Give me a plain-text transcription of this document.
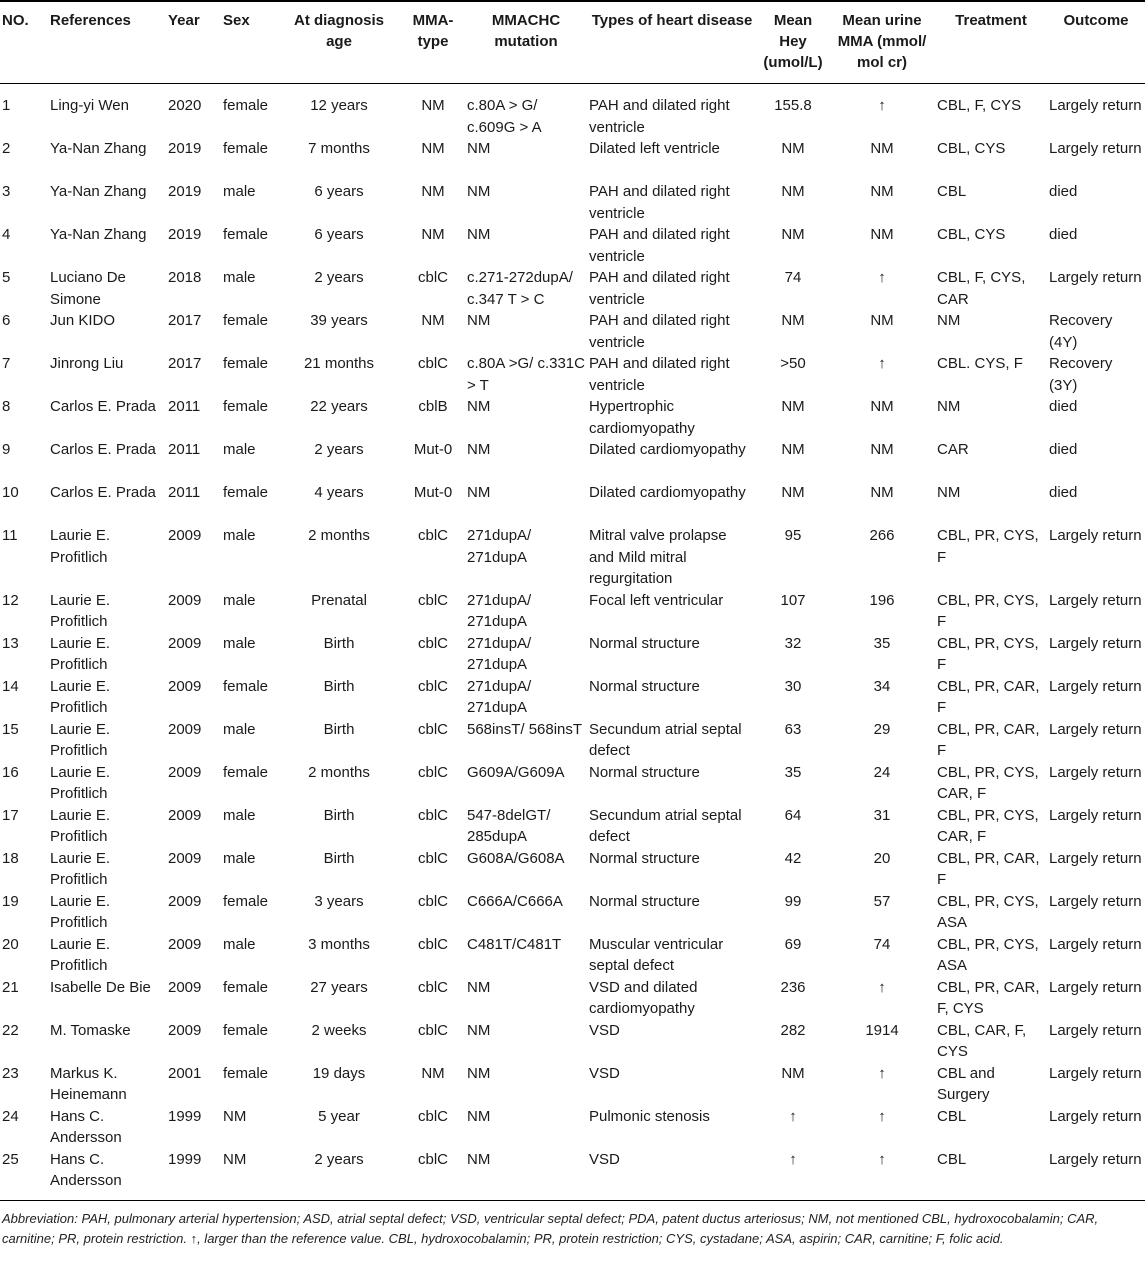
NO.	References	Year	Sex	At diagnosis age	MMA-type	MMACHC mutation	Types of heart disease	Mean Hey (umol/L)	Mean urine MMA (mmol/ mol cr)	Treatment	Outcome
1	Ling-yi Wen	2020	female	12 years	NM	c.80A > G/ c.609G > A	PAH and dilated right ventricle	155.8	↑	CBL, F, CYS	Largely return
2	Ya-Nan Zhang	2019	female	7 months	NM	NM	Dilated left ventricle	NM	NM	CBL, CYS	Largely return
3	Ya-Nan Zhang	2019	male	6 years	NM	NM	PAH and dilated right ventricle	NM	NM	CBL	died
4	Ya-Nan Zhang	2019	female	6 years	NM	NM	PAH and dilated right ventricle	NM	NM	CBL, CYS	died
5	Luciano De Simone	2018	male	2 years	cblC	c.271-272dupA/ c.347 T > C	PAH and dilated right ventricle	74	↑	CBL, F, CYS, CAR	Largely return
6	Jun KIDO	2017	female	39 years	NM	NM	PAH and dilated right ventricle	NM	NM	NM	Recovery (4Y)
7	Jinrong Liu	2017	female	21 months	cblC	c.80A >G/ c.331C > T	PAH and dilated right ventricle	>50	↑	CBL. CYS, F	Recovery (3Y)
8	Carlos E. Prada	2011	female	22 years	cblB	NM	Hypertrophic cardiomyopathy	NM	NM	NM	died
9	Carlos E. Prada	2011	male	2 years	Mut-0	NM	Dilated cardiomyopathy	NM	NM	CAR	died
10	Carlos E. Prada	2011	female	4 years	Mut-0	NM	Dilated cardiomyopathy	NM	NM	NM	died
11	Laurie E. Profitlich	2009	male	2 months	cblC	271dupA/ 271dupA	Mitral valve prolapse and Mild mitral regurgitation	95	266	CBL, PR, CYS, F	Largely return
12	Laurie E. Profitlich	2009	male	Prenatal	cblC	271dupA/ 271dupA	Focal left ventricular	107	196	CBL, PR, CYS, F	Largely return
13	Laurie E. Profitlich	2009	male	Birth	cblC	271dupA/ 271dupA	Normal structure	32	35	CBL, PR, CYS, F	Largely return
14	Laurie E. Profitlich	2009	female	Birth	cblC	271dupA/ 271dupA	Normal structure	30	34	CBL, PR, CAR, F	Largely return
15	Laurie E. Profitlich	2009	male	Birth	cblC	568insT/ 568insT	Secundum atrial septal defect	63	29	CBL, PR, CAR, F	Largely return
16	Laurie E. Profitlich	2009	female	2 months	cblC	G609A/G609A	Normal structure	35	24	CBL, PR, CYS, CAR, F	Largely return
17	Laurie E. Profitlich	2009	male	Birth	cblC	547-8delGT/ 285dupA	Secundum atrial septal defect	64	31	CBL, PR, CYS, CAR, F	Largely return
18	Laurie E. Profitlich	2009	male	Birth	cblC	G608A/G608A	Normal structure	42	20	CBL, PR, CAR, F	Largely return
19	Laurie E. Profitlich	2009	female	3 years	cblC	C666A/C666A	Normal structure	99	57	CBL, PR, CYS, ASA	Largely return
20	Laurie E. Profitlich	2009	male	3 months	cblC	C481T/C481T	Muscular ventricular septal defect	69	74	CBL, PR, CYS, ASA	Largely return
21	Isabelle De Bie	2009	female	27 years	cblC	NM	VSD and dilated cardiomyopathy	236	↑	CBL, PR, CAR, F, CYS	Largely return
22	M. Tomaske	2009	female	2 weeks	cblC	NM	VSD	282	1914	CBL, CAR, F, CYS	Largely return
23	Markus K. Heinemann	2001	female	19 days	NM	NM	VSD	NM	↑	CBL and Surgery	Largely return
24	Hans C. Andersson	1999	NM	5 year	cblC	NM	Pulmonic stenosis	↑	↑	CBL	Largely return
25	Hans C. Andersson	1999	NM	2 years	cblC	NM	VSD	↑	↑	CBL	Largely return

Abbreviation: PAH, pulmonary arterial hypertension; ASD, atrial septal defect; VSD, ventricular septal defect; PDA, patent ductus arteriosus; NM, not mentioned CBL, hydroxocobalamin; CAR, carnitine; PR, protein restriction. ↑, larger than the reference value. CBL, hydroxocobalamin; PR, protein restriction; CYS, cystadane; ASA, aspirin; CAR, carnitine; F, folic acid.
